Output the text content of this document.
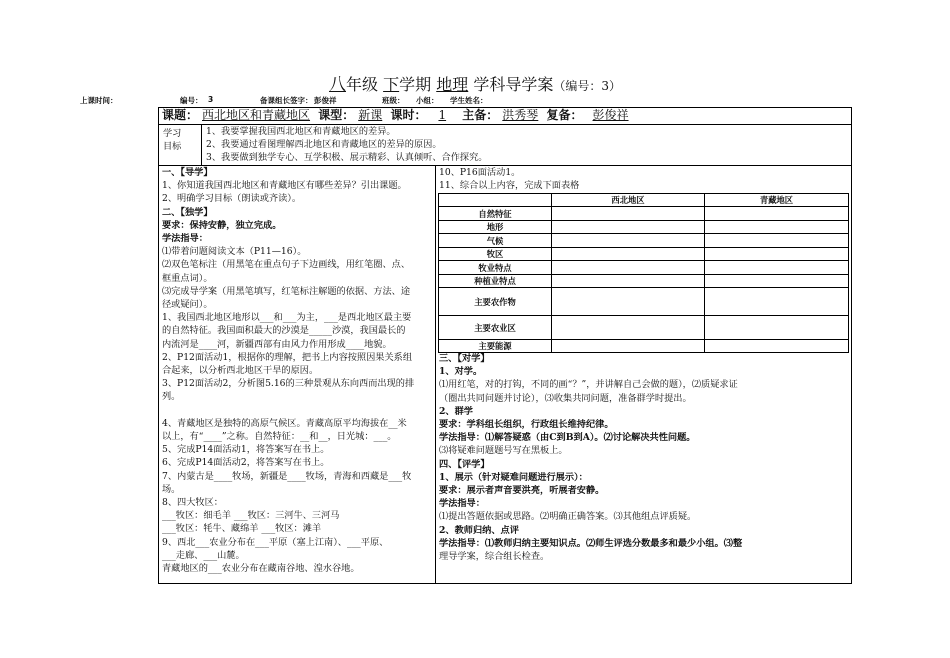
八年级 下学期 地理 学科导学案（编号：3）
上课时间：	编号： 3	备课组长签字： 彭俊祥	班级：	小组：	学生姓名：
课题： 西北地区和青藏地区 课型： 新课 课时： 1 主备： 洪秀琴 复备： 彭俊祥
学习
目标
1、我要掌握我国西北地区和青藏地区的差异。
2、我要通过看图理解西北地区和青藏地区的差异的原因。
3、我要做到独学专心、互学积极、展示精彩、认真倾听、合作探究。
一、【导学】
1、你知道我国西北地区和青藏地区有哪些差异？引出课题。
2、明确学习目标（朗读或齐读）。
二、【独学】
要求：保持安静，独立完成。
学法指导：
⑴带着问题阅读文本（P11—16）。
⑵双色笔标注（用黑笔在重点句子下边画线，用红笔圈、点、
框重点词）。
⑶完成导学案（用黑笔填写，红笔标注解题的依据、方法、途
径或疑问）。
1、我国西北地区地形以___和___为主，___是西北地区最主要
的自然特征。我国面积最大的沙漠是_____沙漠，我国最长的
内流河是____河，新疆西部有由风力作用形成____地貌。
2、P12面活动1，根据你的理解，把书上内容按照因果关系组
合起来，以分析西北地区干旱的原因。
3、P12面活动2，分析图5.16的三种景观从东向西而出现的排
列。
4、青藏地区是独特的高原气候区。青藏高原平均海拔在__米
以上，有“____”之称。自然特征：__和__，日光城：___。
5、完成P14面活动1，将答案写在书上。
6、完成P14面活动2，将答案写在书上。
7、内蒙古是____牧场，新疆是____牧场，青海和西藏是___牧
场。
8、四大牧区：
___牧区：细毛羊 ___牧区：三河牛、三河马
___牧区：牦牛、藏绵羊 ___牧区：滩羊
9、西北___农业分布在___平原（塞上江南）、___平原、
___走廊、___山麓。
青藏地区的___农业分布在藏南谷地、湟水谷地。
10、P16面活动1。
11、综合以上内容，完成下面表格
三、【对学】
1、对学。
⑴用红笔，对的打钩，不同的画“？”，并讲解自己会做的题），⑵质疑求证
（圈出共同问题并讨论），⑶收集共同问题，准备群学时提出。
2、群学
要求：学科组长组织，行政组长维持纪律。
学法指导：⑴解答疑惑（由C到B到A）。⑵讨论解决共性问题。
⑶将疑难问题题号写在黑板上。
四、【评学】
1、展示（针对疑难问题进行展示）：
要求：展示者声音要洪亮，听展者安静。
学法指导：
⑴提出答题依据或思路。⑵明确正确答案。⑶其他组点评质疑。
2、教师归纳、点评
学法指导：⑴教师归纳主要知识点。⑵师生评选分数最多和最少小组。⑶整
理导学案，综合组长检查。
	西北地区	青藏地区
自然特征		
地形		
气候		
牧区		
牧业特点		
种植业特点		
主要农作物		
主要农业区		
主要能源		
